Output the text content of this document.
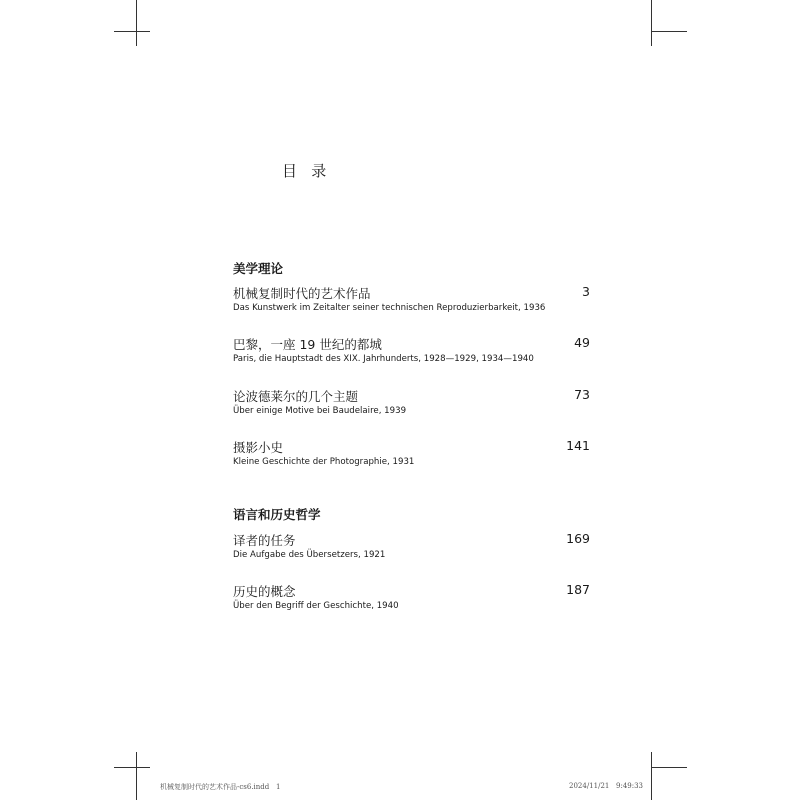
目 录
美学理论
机械复制时代的艺术作品	3
Das Kunstwerk im Zeitalter seiner technischen Reproduzierbarkeit, 1936
巴黎，一座 19 世纪的都城	49
Paris, die Hauptstadt des XIX. Jahrhunderts, 1928—1929, 1934—1940
论波德莱尔的几个主题	73
Über einige Motive bei Baudelaire, 1939
摄影小史	141
Kleine Geschichte der Photographie, 1931
语言和历史哲学
译者的任务	169
Die Aufgabe des Übersetzers, 1921
历史的概念	187
Über den Begriff der Geschichte, 1940
机械复制时代的艺术作品-cs6.indd   1	2024/11/21   9:49:33
